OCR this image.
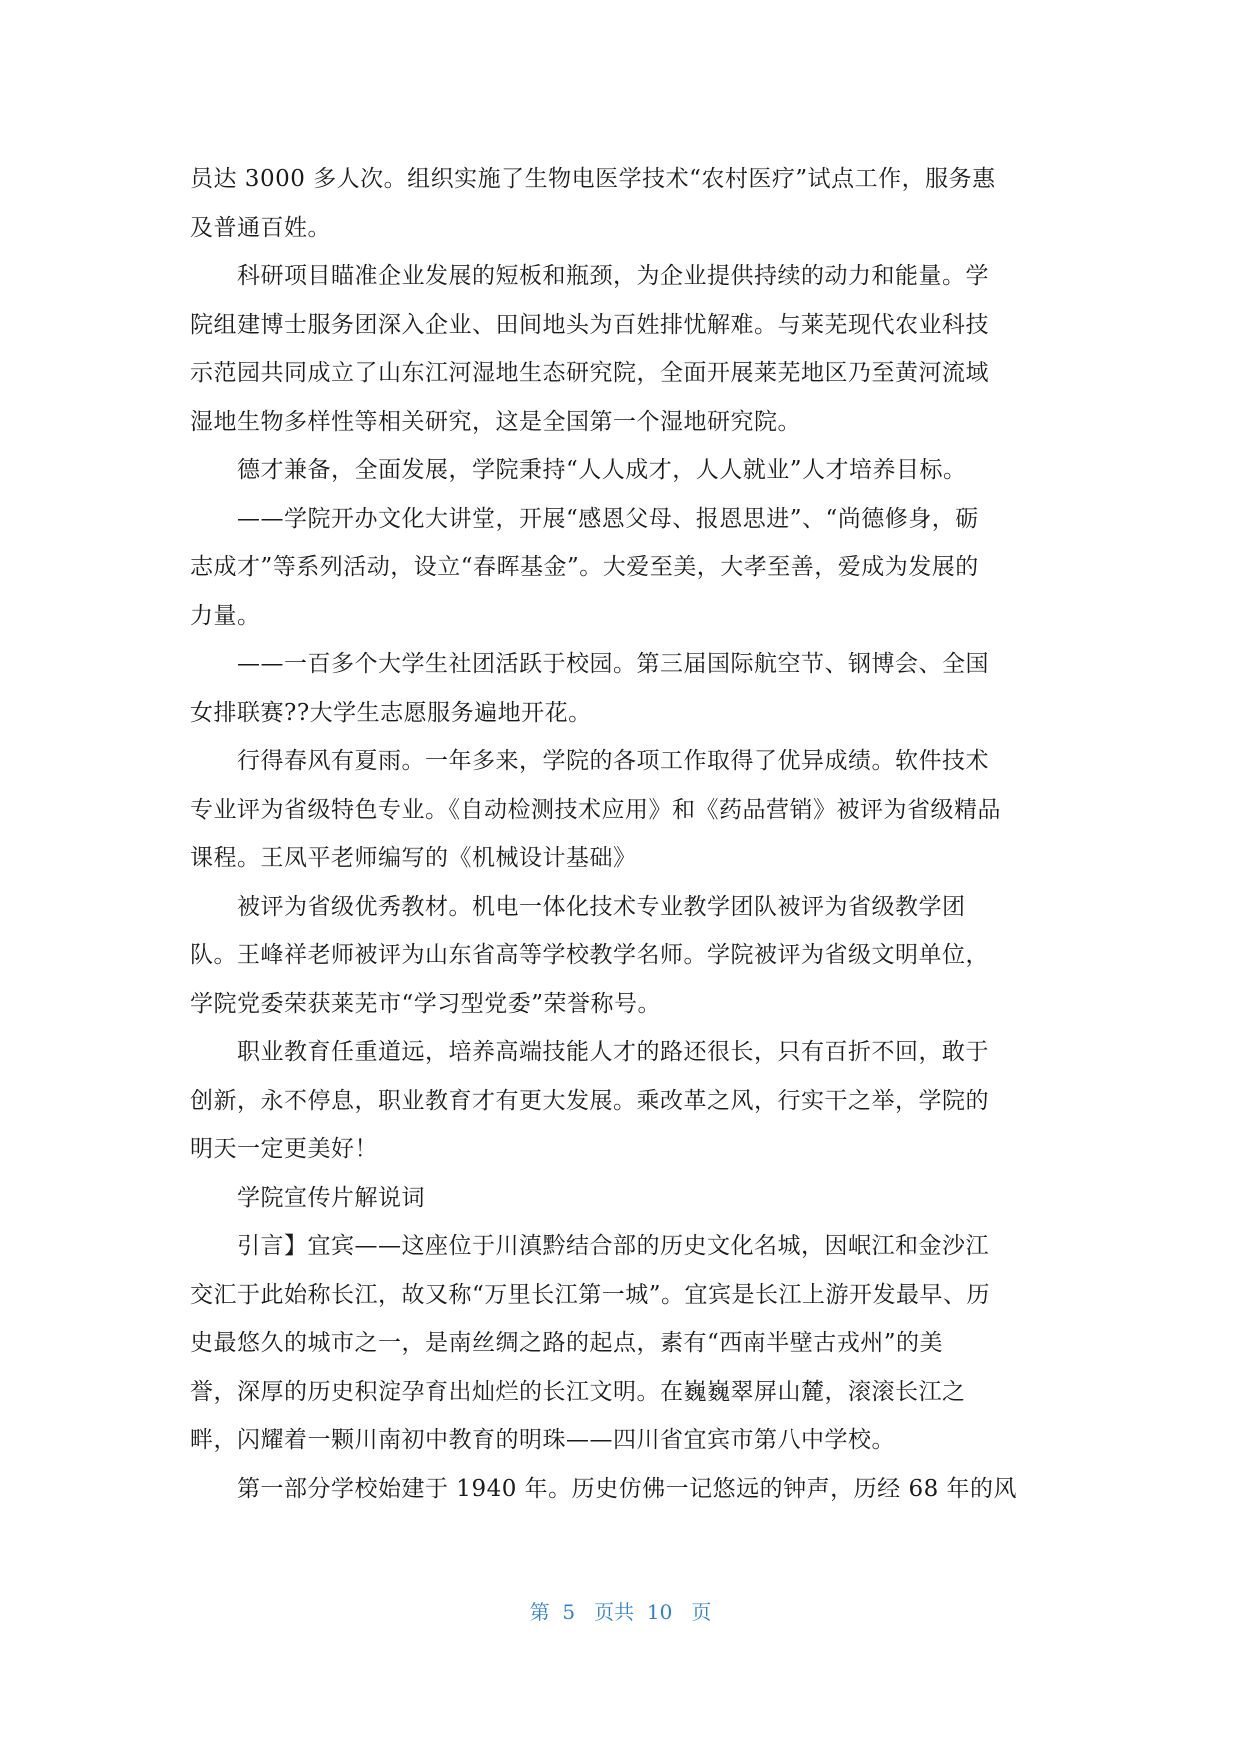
员达 3000 多人次。组织实施了生物电医学技术“农村医疗”试点工作，服务惠

及普通百姓。

　　科研项目瞄准企业发展的短板和瓶颈，为企业提供持续的动力和能量。学

院组建博士服务团深入企业、田间地头为百姓排忧解难。与莱芜现代农业科技

示范园共同成立了山东江河湿地生态研究院，全面开展莱芜地区乃至黄河流域

湿地生物多样性等相关研究，这是全国第一个湿地研究院。

　　德才兼备，全面发展，学院秉持“人人成才，人人就业”人才培养目标。

　　——学院开办文化大讲堂，开展“感恩父母、报恩思进”、“尚德修身，砺

志成才”等系列活动，设立“春晖基金”。大爱至美，大孝至善，爱成为发展的

力量。

　　——一百多个大学生社团活跃于校园。第三届国际航空节、钢博会、全国

女排联赛??大学生志愿服务遍地开花。

　　行得春风有夏雨。一年多来，学院的各项工作取得了优异成绩。软件技术

专业评为省级特色专业。《自动检测技术应用》和《药品营销》被评为省级精品

课程。王凤平老师编写的《机械设计基础》

　　被评为省级优秀教材。机电一体化技术专业教学团队被评为省级教学团

队。王峰祥老师被评为山东省高等学校教学名师。学院被评为省级文明单位，

学院党委荣获莱芜市“学习型党委”荣誉称号。

　　职业教育任重道远，培养高端技能人才的路还很长，只有百折不回，敢于

创新，永不停息，职业教育才有更大发展。乘改革之风，行实干之举，学院的

明天一定更美好！

　　学院宣传片解说词

　　引言】宜宾——这座位于川滇黔结合部的历史文化名城，因岷江和金沙江

交汇于此始称长江，故又称“万里长江第一城”。宜宾是长江上游开发最早、历

史最悠久的城市之一，是南丝绸之路的起点，素有“西南半壁古戎州”的美

誉，深厚的历史积淀孕育出灿烂的长江文明。在巍巍翠屏山麓，滚滚长江之

畔，闪耀着一颗川南初中教育的明珠——四川省宜宾市第八中学校。

　　第一部分学校始建于 1940 年。历史仿佛一记悠远的钟声，历经 68 年的风

第  5   页共  10   页
